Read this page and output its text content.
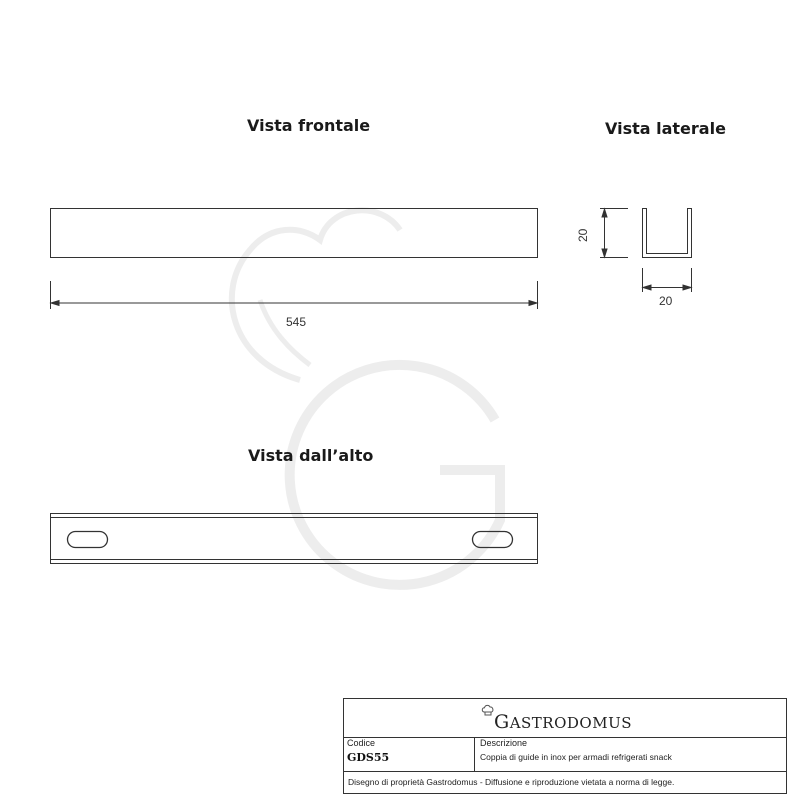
Vista frontale	Vista laterale
Vista dall’alto
545
20
20
GASTRODOMUS
Codice
GDS55
Descrizione
Coppia di guide in inox per armadi refrigerati snack
Disegno di proprietà Gastrodomus - Diffusione e riproduzione vietata a norma di legge.
